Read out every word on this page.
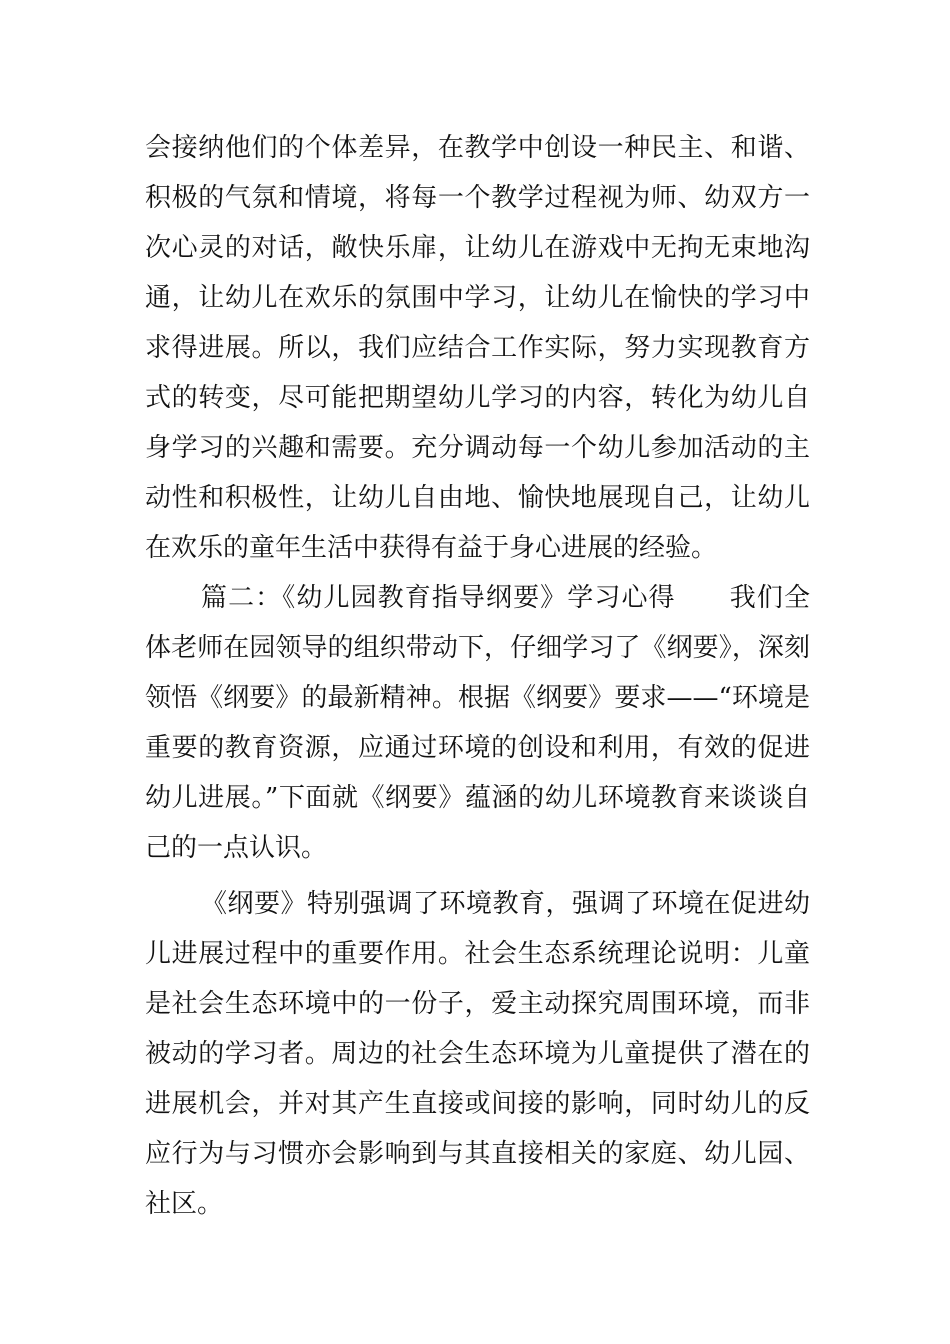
会接纳他们的个体差异，在教学中创设一种民主、和谐、积极的气氛和情境，将每一个教学过程视为师、幼双方一次心灵的对话，敞快乐扉，让幼儿在游戏中无拘无束地沟通，让幼儿在欢乐的氛围中学习，让幼儿在愉快的学习中求得进展。所以，我们应结合工作实际，努力实现教育方式的转变，尽可能把期望幼儿学习的内容，转化为幼儿自身学习的兴趣和需要。充分调动每一个幼儿参加活动的主动性和积极性，让幼儿自由地、愉快地展现自己，让幼儿在欢乐的童年生活中获得有益于身心进展的经验。

篇二：《幼儿园教育指导纲要》学习心得　　我们全体老师在园领导的组织带动下，仔细学习了《纲要》，深刻领悟《纲要》的最新精神。根据《纲要》要求——“环境是重要的教育资源，应通过环境的创设和利用，有效的促进幼儿进展。”下面就《纲要》蕴涵的幼儿环境教育来谈谈自己的一点认识。

《纲要》特别强调了环境教育，强调了环境在促进幼儿进展过程中的重要作用。社会生态系统理论说明：儿童是社会生态环境中的一份子，爱主动探究周围环境，而非被动的学习者。周边的社会生态环境为儿童提供了潜在的进展机会，并对其产生直接或间接的影响，同时幼儿的反应行为与习惯亦会影响到与其直接相关的家庭、幼儿园、社区。
